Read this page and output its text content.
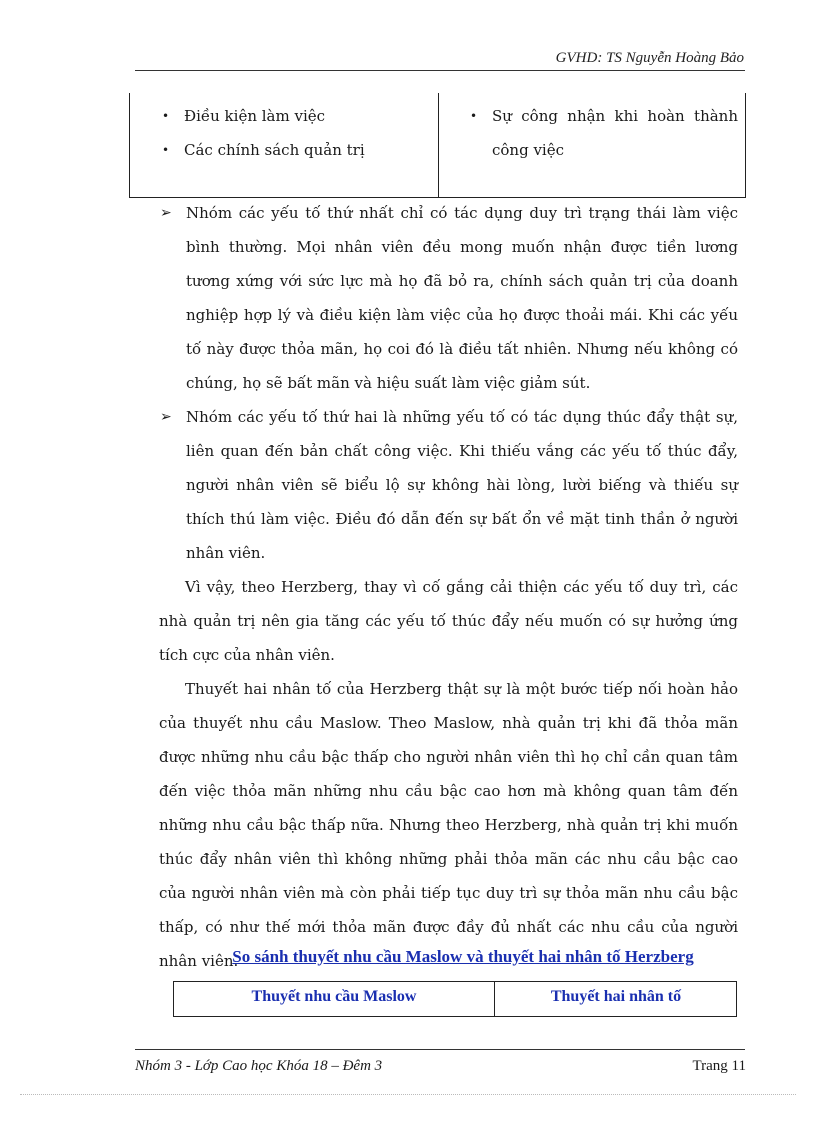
GVHD: TS Nguyễn Hoàng Bảo
• Điều kiện làm việc
• Các chính sách quản trị
• Sự công nhận khi hoàn thành công việc
➢ Nhóm các yếu tố thứ nhất chỉ có tác dụng duy trì trạng thái làm việc bình thường. Mọi nhân viên đều mong muốn nhận được tiền lương tương xứng với sức lực mà họ đã bỏ ra, chính sách quản trị của doanh nghiệp hợp lý và điều kiện làm việc của họ được thoải mái. Khi các yếu tố này được thỏa mãn, họ coi đó là điều tất nhiên. Nhưng nếu không có chúng, họ sẽ bất mãn và hiệu suất làm việc giảm sút.
➢ Nhóm các yếu tố thứ hai là những yếu tố có tác dụng thúc đẩy thật sự, liên quan đến bản chất công việc. Khi thiếu vắng các yếu tố thúc đẩy, người nhân viên sẽ biểu lộ sự không hài lòng, lười biếng và thiếu sự thích thú làm việc. Điều đó dẫn đến sự bất ổn về mặt tinh thần ở người nhân viên.
Vì vậy, theo Herzberg, thay vì cố gắng cải thiện các yếu tố duy trì, các nhà quản trị nên gia tăng các yếu tố thúc đẩy nếu muốn có sự hưởng ứng tích cực của nhân viên.
Thuyết hai nhân tố của Herzberg thật sự là một bước tiếp nối hoàn hảo của thuyết nhu cầu Maslow. Theo Maslow, nhà quản trị khi đã thỏa mãn được những nhu cầu bậc thấp cho người nhân viên thì họ chỉ cần quan tâm đến việc thỏa mãn những nhu cầu bậc cao hơn mà không quan tâm đến những nhu cầu bậc thấp nữa. Nhưng theo Herzberg, nhà quản trị khi muốn thúc đẩy nhân viên thì không những phải thỏa mãn các nhu cầu bậc cao của người nhân viên mà còn phải tiếp tục duy trì sự thỏa mãn nhu cầu bậc thấp, có như thế mới thỏa mãn được đầy đủ nhất các nhu cầu của người nhân viên.
So sánh thuyết nhu cầu Maslow và thuyết hai nhân tố Herzberg
Thuyết nhu cầu Maslow	Thuyết hai nhân tố
Nhóm 3 - Lớp Cao học Khóa 18 – Đêm 3	Trang 11
